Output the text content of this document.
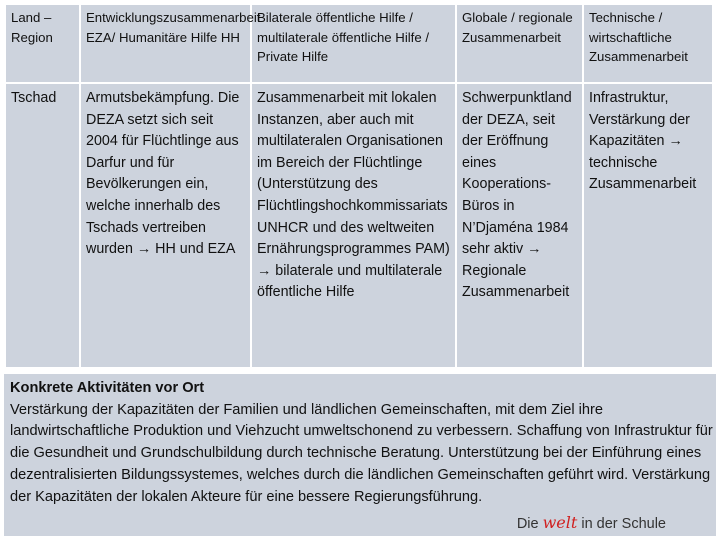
Land – Region	Entwicklungszusammenarbeit EZA/ Humanitäre Hilfe HH	Bilaterale öffentliche Hilfe / multilaterale öffentliche Hilfe / Private Hilfe	Globale / regionale Zusammenarbeit	Technische / wirtschaftliche Zusammenarbeit
Tschad	Armutsbekämpfung. Die DEZA setzt sich seit 2004 für Flüchtlinge aus Darfur und für Bevölkerungen ein, welche innerhalb des Tschads vertreiben wurden → HH und EZA	Zusammenarbeit mit lokalen Instanzen, aber auch mit multilateralen Organisationen im Bereich der Flüchtlinge (Unterstützung des Flüchtlingshochkommissariats UNHCR und des weltweiten Ernährungsprogrammes PAM) → bilaterale und multilaterale öffentliche Hilfe	Schwerpunktland der DEZA, seit der Eröffnung eines Kooperations-Büros in N’Djaména 1984 sehr aktiv → Regionale Zusammenarbeit	Infrastruktur, Verstärkung der Kapazitäten → technische Zusammenarbeit
Konkrete Aktivitäten vor Ort
Verstärkung der Kapazitäten der Familien und ländlichen Gemeinschaften, mit dem Ziel ihre landwirtschaftliche Produktion und Viehzucht umweltschonend zu verbessern. Schaffung von Infrastruktur für die Gesundheit und Grundschulbildung durch technische Beratung. Unterstützung bei der Einführung eines dezentralisierten Bildungssystemes, welches durch die ländlichen Gemeinschaften geführt wird. Verstärkung der Kapazitäten der lokalen Akteure für eine bessere Regierungsführung.
Die welt in der Schule
